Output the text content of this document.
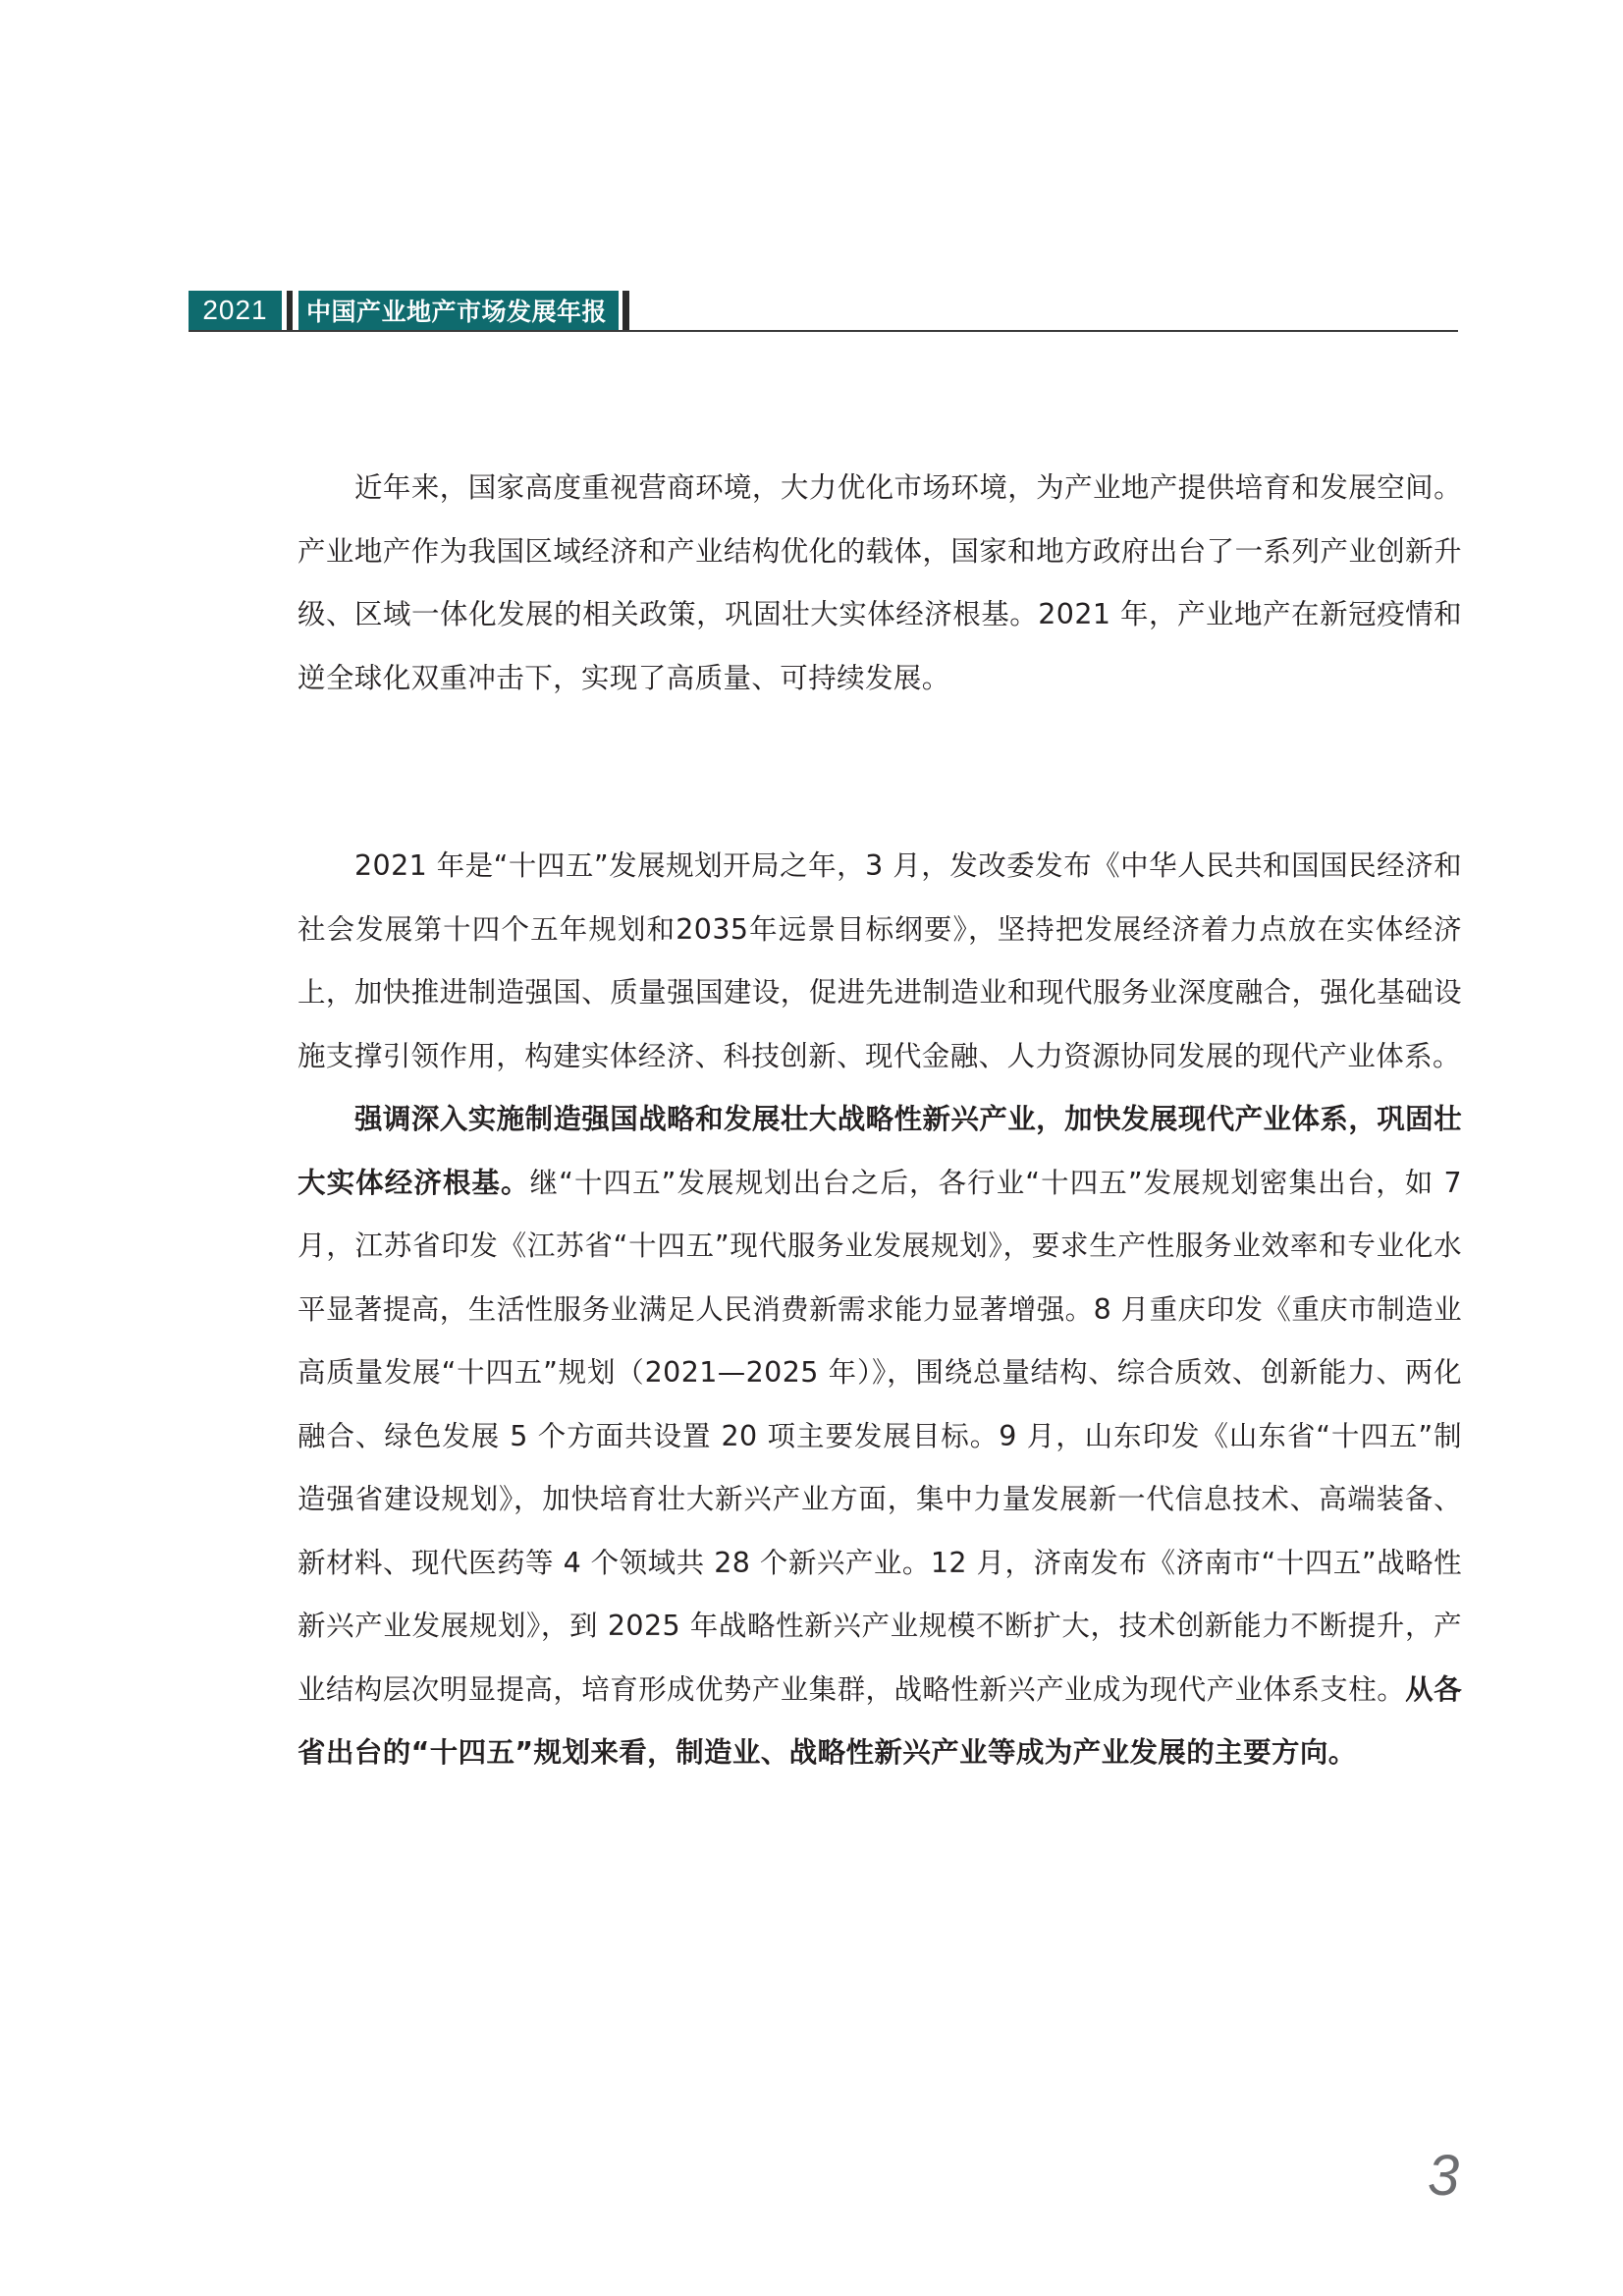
2021	中国产业地产市场发展年报

近年来，国家高度重视营商环境，大力优化市场环境，为产业地产提供培育和发展空间。产业地产作为我国区域经济和产业结构优化的载体，国家和地方政府出台了一系列产业创新升级、区域一体化发展的相关政策，巩固壮大实体经济根基。2021 年，产业地产在新冠疫情和逆全球化双重冲击下，实现了高质量、可持续发展。

2021 年是“十四五”发展规划开局之年，3 月，发改委发布《中华人民共和国国民经济和社会发展第十四个五年规划和2035年远景目标纲要》，坚持把发展经济着力点放在实体经济上，加快推进制造强国、质量强国建设，促进先进制造业和现代服务业深度融合，强化基础设施支撑引领作用，构建实体经济、科技创新、现代金融、人力资源协同发展的现代产业体系。

强调深入实施制造强国战略和发展壮大战略性新兴产业，加快发展现代产业体系，巩固壮大实体经济根基。继“十四五”发展规划出台之后，各行业“十四五”发展规划密集出台，如 7 月，江苏省印发《江苏省“十四五”现代服务业发展规划》，要求生产性服务业效率和专业化水平显著提高，生活性服务业满足人民消费新需求能力显著增强。8 月重庆印发《重庆市制造业高质量发展“十四五”规划（2021—2025 年）》，围绕总量结构、综合质效、创新能力、两化融合、绿色发展 5 个方面共设置 20 项主要发展目标。9 月，山东印发《山东省“十四五”制造强省建设规划》，加快培育壮大新兴产业方面，集中力量发展新一代信息技术、高端装备、新材料、现代医药等 4 个领域共 28 个新兴产业。12 月，济南发布《济南市“十四五”战略性新兴产业发展规划》，到 2025 年战略性新兴产业规模不断扩大，技术创新能力不断提升，产业结构层次明显提高，培育形成优势产业集群，战略性新兴产业成为现代产业体系支柱。从各省出台的“十四五”规划来看，制造业、战略性新兴产业等成为产业发展的主要方向。

3
